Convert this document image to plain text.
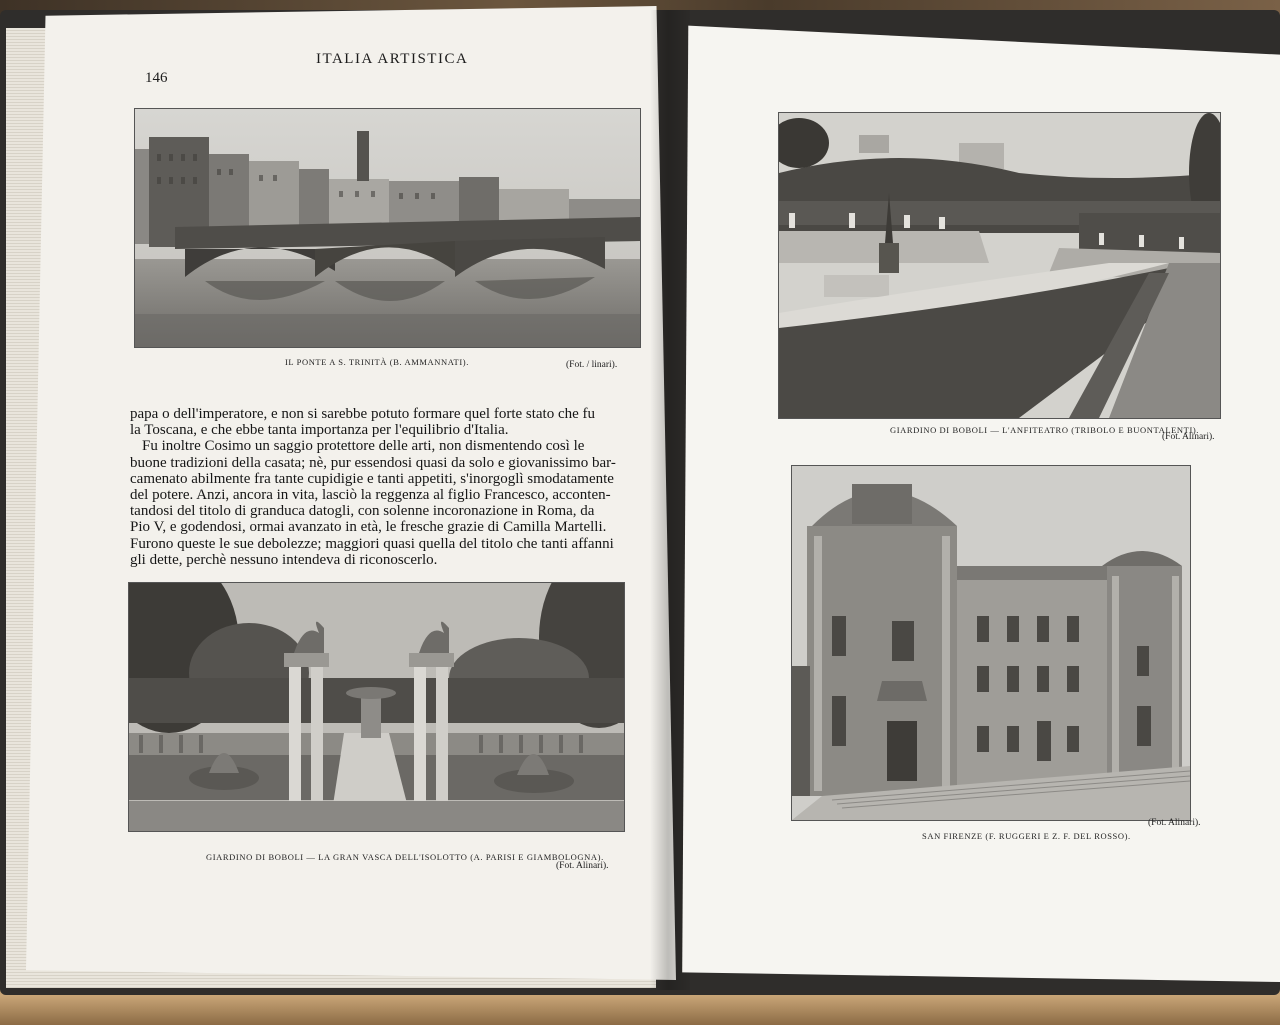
146
ITALIA ARTISTICA
IL PONTE A S. TRINITÀ (B. AMMANNATI).	(Fot. / linari).

papa o dell'imperatore, e non si sarebbe potuto formare quel forte stato che fu

la Toscana, e che ebbe tanta importanza per l'equilibrio d'Italia.

Fu inoltre Cosimo un saggio protettore delle arti, non dismentendo così le

buone tradizioni della casata; nè, pur essendosi quasi da solo e giovanissimo bar-

camenato abilmente fra tante cupidigie e tanti appetiti, s'inorgoglì smodatamente

del potere. Anzi, ancora in vita, lasciò la reggenza al figlio Francesco, acconten-

tandosi del titolo di granduca datogli, con solenne incoronazione in Roma, da

Pio V, e godendosi, ormai avanzato in età, le fresche grazie di Camilla Martelli.

Furono queste le sue debolezze; maggiori quasi quella del titolo che tanti affanni

gli dette, perchè nessuno intendeva di riconoscerlo.

GIARDINO DI BOBOLI — LA GRAN VASCA DELL'ISOLOTTO (A. PARISI E GIAMBOLOGNA).
(Fot. Alinari).
GIARDINO DI BOBOLI — L'ANFITEATRO (TRIBOLO E BUONTALENTI).
(Fot. Alinari).
SAN FIRENZE (F. RUGGERI E Z. F. DEL ROSSO).
(Fot. Alinari).
